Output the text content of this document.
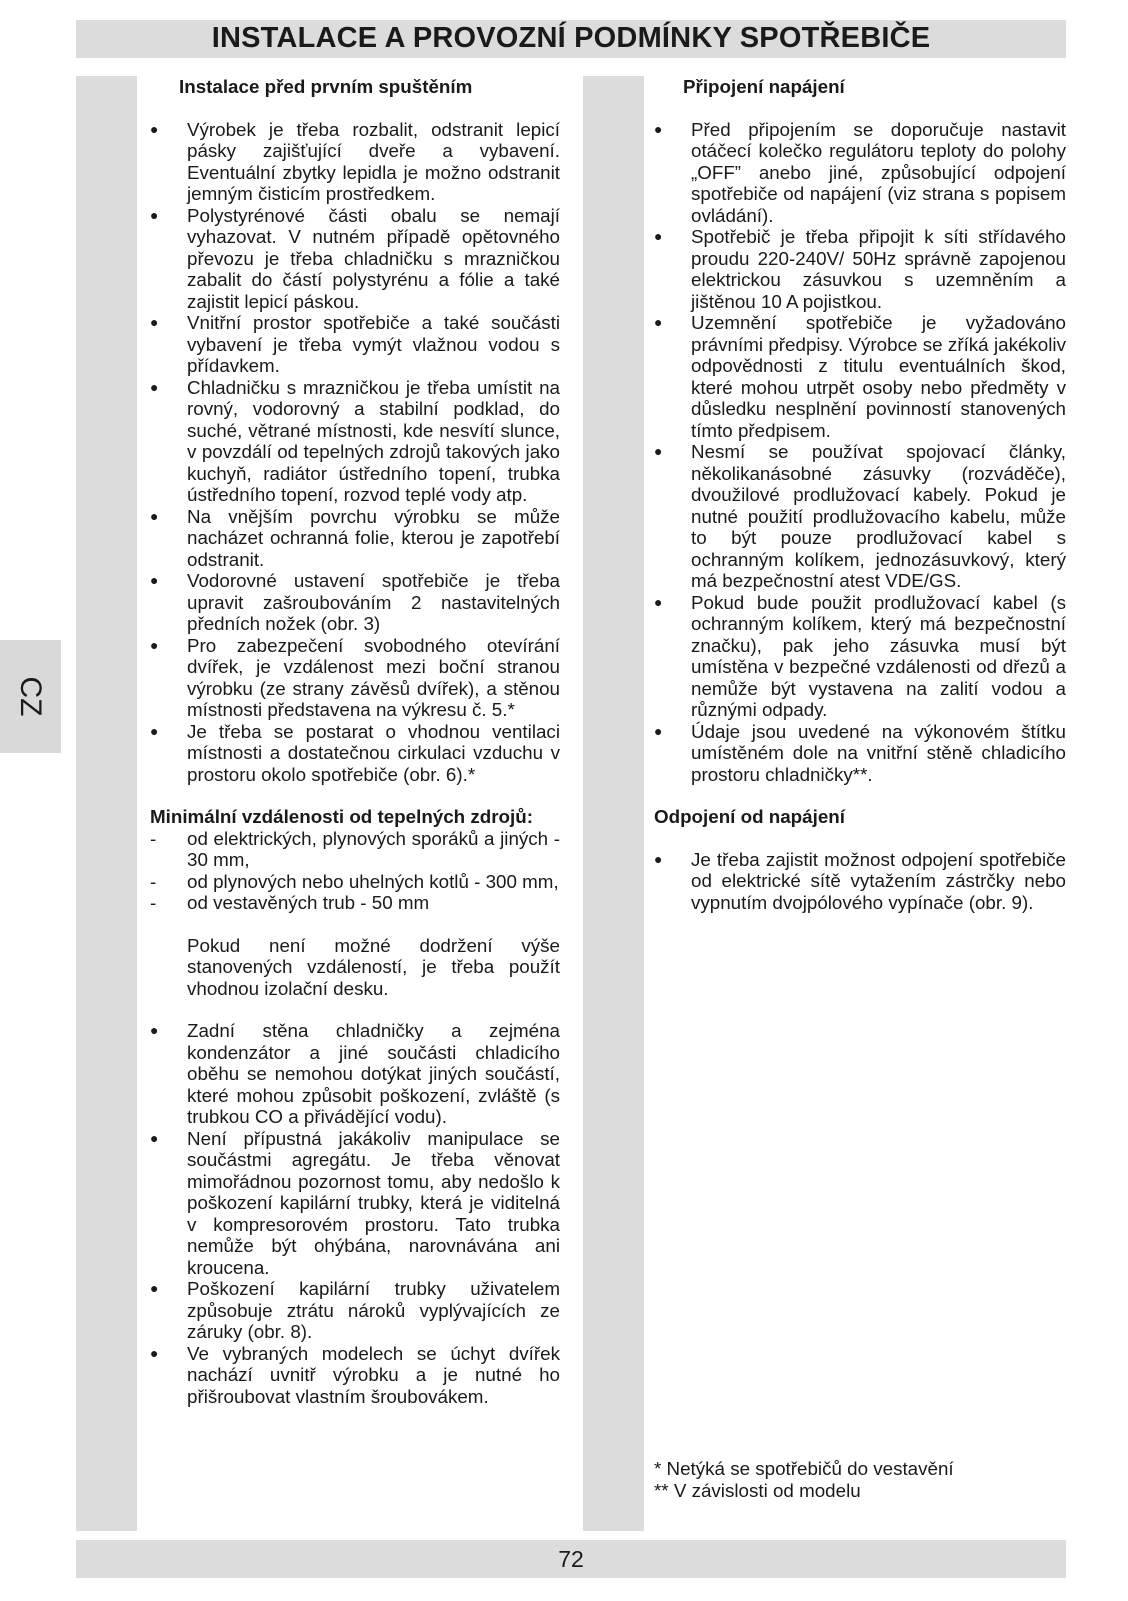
INSTALACE A PROVOZNÍ PODMÍNKY SPOTŘEBIČE
CZ
Instalace před prvním spuštěním
● Výrobek je třeba rozbalit, odstranit lepicí pásky zajišťující dveře a vybavení. Eventuální zbytky lepidla je možno odstranit jemným čisticím prostředkem.
● Polystyrénové části obalu se nemají vyhazovat. V nutném případě opětovného převozu je třeba chladničku s mrazničkou zabalit do částí polystyrénu a fólie a také zajistit lepicí páskou.
● Vnitřní prostor spotřebiče a také součásti vybavení je třeba vymýt vlažnou vodou s přídavkem.
● Chladničku s mrazničkou je třeba umístit na rovný, vodorovný a stabilní podklad, do suché, větrané místnosti, kde nesvítí slunce, v povzdálí od tepelných zdrojů takových jako kuchyň, radiátor ústředního topení, trubka ústředního topení, rozvod teplé vody atp.
● Na vnějším povrchu výrobku se může nacházet ochranná folie, kterou je zapotřebí odstranit.
● Vodorovné ustavení spotřebiče je třeba upravit zašroubováním 2 nastavitelných předních nožek (obr. 3)
● Pro zabezpečení svobodného otevírání dvířek, je vzdálenost mezi boční stranou výrobku (ze strany závěsů dvířek), a stěnou místnosti představena na výkresu č. 5.*
● Je třeba se postarat o vhodnou ventilaci místnosti a dostatečnou cirkulaci vzduchu v prostoru okolo spotřebiče (obr. 6).*
Minimální vzdálenosti od tepelných zdrojů:
- od elektrických, plynových sporáků a jiných - 30 mm,
- od plynových nebo uhelných kotlů - 300 mm,
- od vestavěných trub - 50 mm

Pokud není možné dodržení výše stanovených vzdáleností, je třeba použít vhodnou izolační desku.

● Zadní stěna chladničky a zejména kondenzátor a jiné součásti chladicího oběhu se nemohou dotýkat jiných součástí, které mohou způsobit poškození, zvláště (s trubkou CO a přivádějící vodu).
● Není přípustná jakákoliv manipulace se součástmi agregátu. Je třeba věnovat mimořádnou pozornost tomu, aby nedošlo k poškození kapilární trubky, která je viditelná v kompresorovém prostoru. Tato trubka nemůže být ohýbána, narovnávána ani kroucena.
● Poškození kapilární trubky uživatelem způsobuje ztrátu nároků vyplývajících ze záruky (obr. 8).
● Ve vybraných modelech se úchyt dvířek nachází uvnitř výrobku a je nutné ho přišroubovat vlastním šroubovákem.
Připojení napájení
● Před připojením se doporučuje nastavit otáčecí kolečko regulátoru teploty do polohy „OFF” anebo jiné, způsobující odpojení spotřebiče od napájení (viz strana s popisem ovládání).
● Spotřebič je třeba připojit k síti střídavého proudu 220-240V/ 50Hz správně zapojenou elektrickou zásuvkou s uzemněním a jištěnou 10 A pojistkou.
● Uzemnění spotřebiče je vyžadováno právními předpisy. Výrobce se zříká jakékoliv odpovědnosti z titulu eventuálních škod, které mohou utrpět osoby nebo předměty v důsledku nesplnění povinností stanovených tímto předpisem.
● Nesmí se používat spojovací články, několikanásobné zásuvky (rozváděče), dvoužilové prodlužovací kabely. Pokud je nutné použití prodlužovacího kabelu, může to být pouze prodlužovací kabel s ochranným kolíkem, jednozásuvkový, který má bezpečnostní atest VDE/GS.
● Pokud bude použit prodlužovací kabel (s ochranným kolíkem, který má bezpečnostní značku), pak jeho zásuvka musí být umístěna v bezpečné vzdálenosti od dřezů a nemůže být vystavena na zalití vodou a různými odpady.
● Údaje jsou uvedené na výkonovém štítku umístěném dole na vnitřní stěně chladicího prostoru chladničky**.
Odpojení od napájení
● Je třeba zajistit možnost odpojení spotřebiče od elektrické sítě vytažením zástrčky nebo vypnutím dvojpólového vypínače (obr. 9).
* Netýká se spotřebičů do vestavění
** V závislosti od modelu
72
